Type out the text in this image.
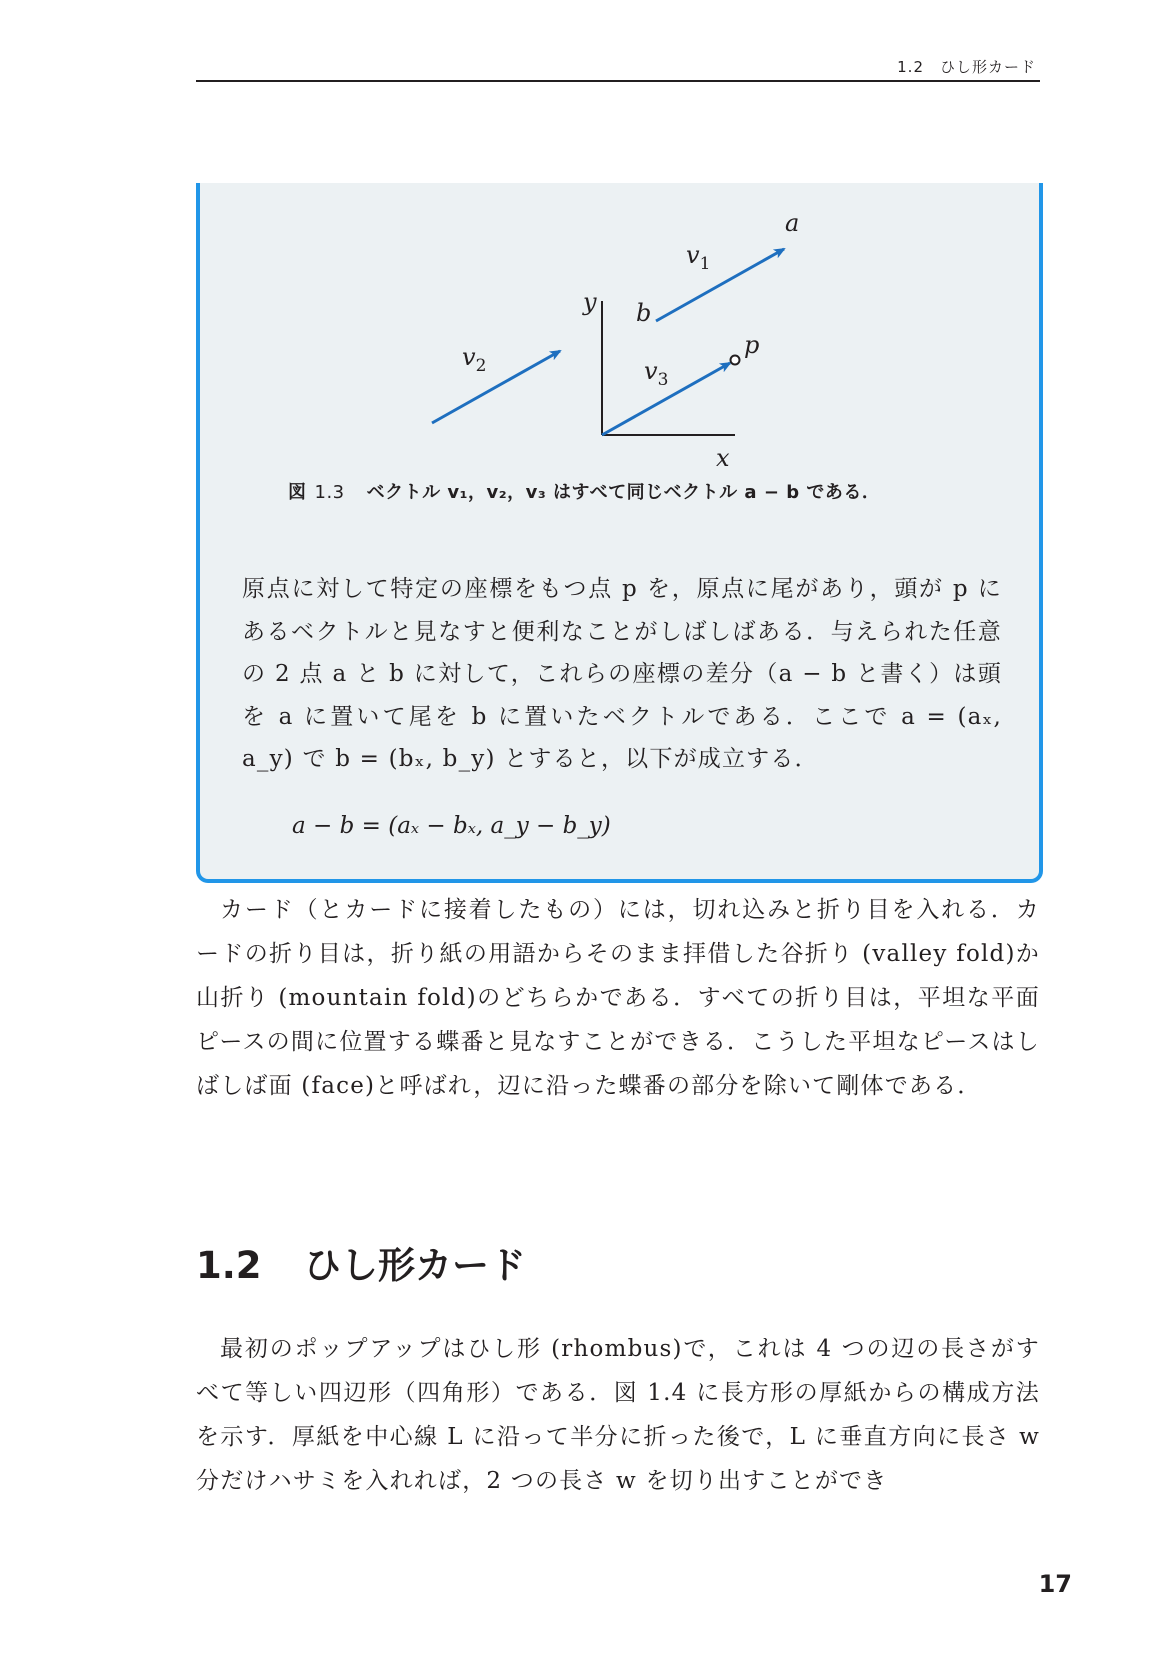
1.2　ひし形カード
a
b
p
x
y
$v_1$
$v_2$	$v_3$
図 1.3 ベクトル v₁，v₂，v₃ はすべて同じベクトル a − b である．
原点に対して特定の座標をもつ点 p を，原点に尾があり，頭が p にあるベクトルと見なすと便利なことがしばしばある．与えられた任意の 2 点 a と b に対して，これらの座標の差分（a − b と書く）は頭を a に置いて尾を b に置いたベクトルである．ここで a = (aₓ, a_y) で b = (bₓ, b_y) とすると，以下が成立する．
a − b = (aₓ − bₓ, a_y − b_y)
カード（とカードに接着したもの）には，切れ込みと折り目を入れる．カードの折り目は，折り紙の用語からそのまま拝借した谷折り (valley fold)か山折り (mountain fold)のどちらかである．すべての折り目は，平坦な平面ピースの間に位置する蝶番と見なすことができる．こうした平坦なピースはしばしば面 (face)と呼ばれ，辺に沿った蝶番の部分を除いて剛体である．
1.2 ひし形カード
最初のポップアップはひし形 (rhombus)で，これは 4 つの辺の長さがすべて等しい四辺形（四角形）である．図 1.4 に長方形の厚紙からの構成方法を示す．厚紙を中心線 L に沿って半分に折った後で，L に垂直方向に長さ w 分だけハサミを入れれば，2 つの長さ w を切り出すことができ
17
